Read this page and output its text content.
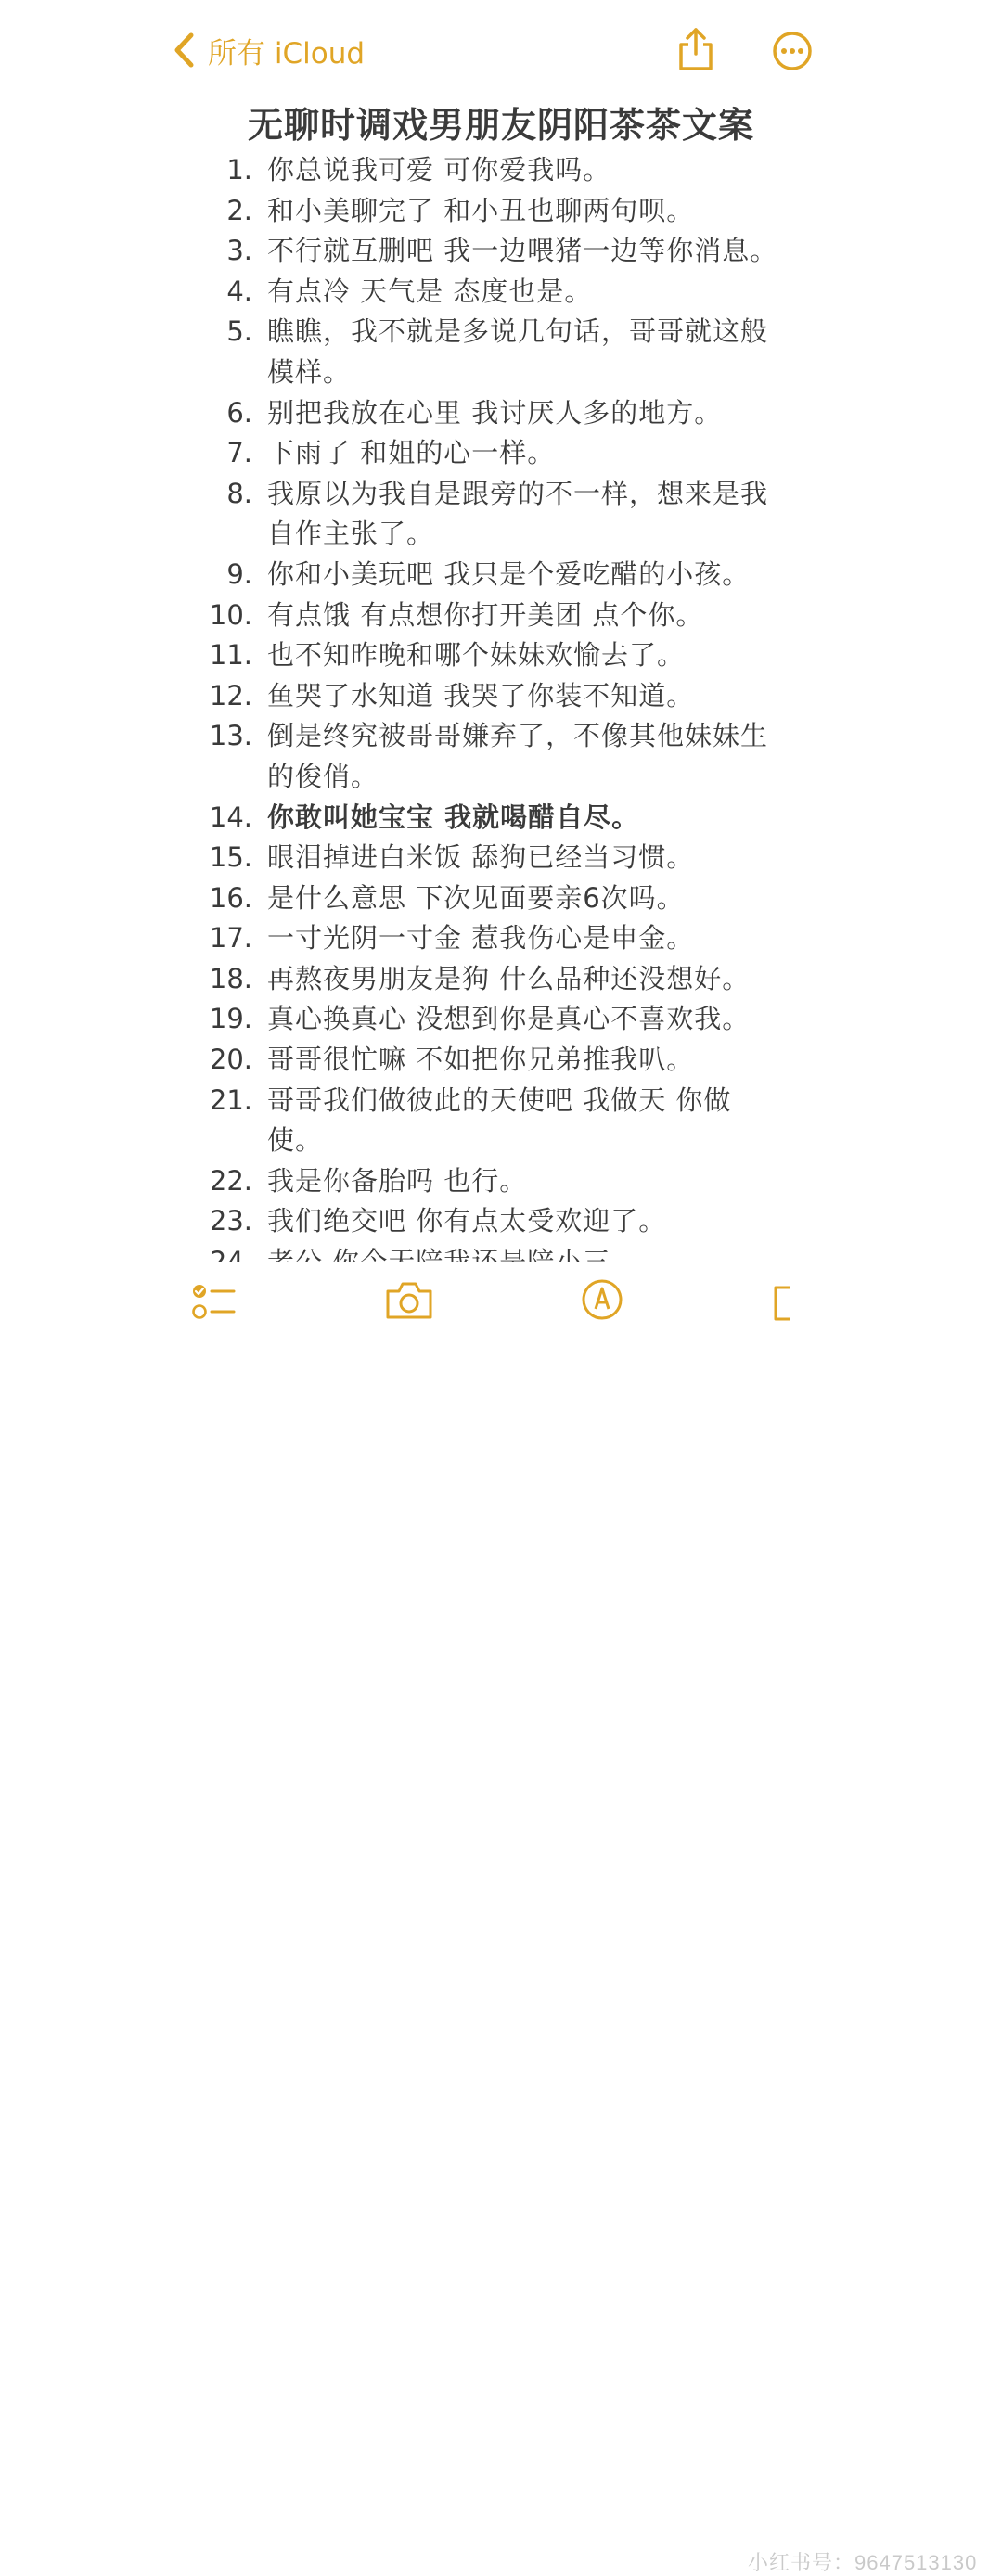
所有 iCloud
无聊时调戏男朋友阴阳茶茶文案
1. 你总说我可爱 可你爱我吗。
2. 和小美聊完了 和小丑也聊两句呗。
3. 不行就互删吧 我一边喂猪一边等你消息。
4. 有点冷 天气是 态度也是。
5. 瞧瞧，我不就是多说几句话，哥哥就这般模样。
6. 别把我放在心里 我讨厌人多的地方。
7. 下雨了 和姐的心一样。
8. 我原以为我自是跟旁的不一样，想来是我自作主张了。
9. 你和小美玩吧 我只是个爱吃醋的小孩。
10. 有点饿 有点想你打开美团 点个你。
11. 也不知昨晚和哪个妹妹欢愉去了。
12. 鱼哭了水知道 我哭了你装不知道。
13. 倒是终究被哥哥嫌弃了，不像其他妹妹生的俊俏。
14. 你敢叫她宝宝 我就喝醋自尽。
15. 眼泪掉进白米饭 舔狗已经当习惯。
16. 是什么意思 下次见面要亲6次吗。
17. 一寸光阴一寸金 惹我伤心是申金。
18. 再熬夜男朋友是狗 什么品种还没想好。
19. 真心换真心 没想到你是真心不喜欢我。
20. 哥哥很忙嘛 不如把你兄弟推我叭。
21. 哥哥我们做彼此的天使吧 我做天 你做使。
22. 我是你备胎吗 也行。
23. 我们绝交吧 你有点太受欢迎了。
小红书号：9647513130
